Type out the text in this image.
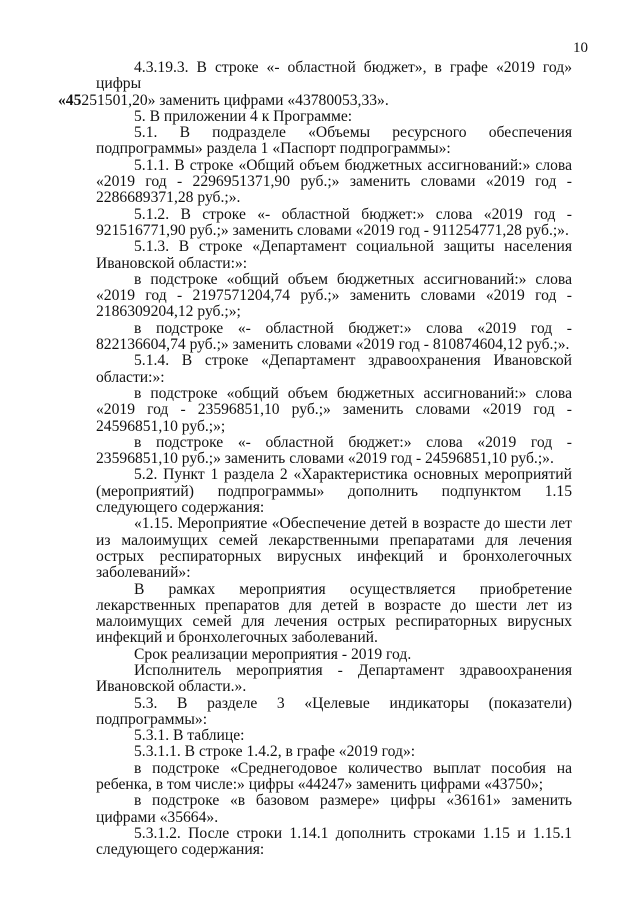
10

4.3.19.3. В строке «- областной бюджет», в графе «2019 год» цифры
«45251501,20» заменить цифрами «43780053,33».

5. В приложении 4 к Программе:

5.1. В подразделе «Объемы ресурсного обеспечения подпрограммы» раздела 1 «Паспорт подпрограммы»:

5.1.1. В строке «Общий объем бюджетных ассигнований:» слова «2019 год - 2296951371,90 руб.;» заменить словами «2019 год - 2286689371,28 руб.;».

5.1.2. В строке «- областной бюджет:» слова «2019 год - 921516771,90 руб.;» заменить словами «2019 год - 911254771,28 руб.;».

5.1.3. В строке «Департамент социальной защиты населения Ивановской области:»:

в подстроке «общий объем бюджетных ассигнований:» слова «2019 год - 2197571204,74 руб.;» заменить словами «2019 год - 2186309204,12 руб.;»;

в подстроке «- областной бюджет:» слова «2019 год - 822136604,74 руб.;» заменить словами «2019 год - 810874604,12 руб.;».

5.1.4. В строке «Департамент здравоохранения Ивановской области:»:

в подстроке «общий объем бюджетных ассигнований:» слова «2019 год - 23596851,10 руб.;» заменить словами «2019 год - 24596851,10 руб.;»;

в подстроке «- областной бюджет:» слова «2019 год - 23596851,10 руб.;» заменить словами «2019 год - 24596851,10 руб.;».

5.2. Пункт 1 раздела 2 «Характеристика основных мероприятий (мероприятий) подпрограммы» дополнить подпунктом 1.15 следующего содержания:

«1.15. Мероприятие «Обеспечение детей в возрасте до шести лет из малоимущих семей лекарственными препаратами для лечения острых респираторных вирусных инфекций и бронхолегочных заболеваний»:

В рамках мероприятия осуществляется приобретение лекарственных препаратов для детей в возрасте до шести лет из малоимущих семей для лечения острых респираторных вирусных инфекций и бронхолегочных заболеваний.

Срок реализации мероприятия - 2019 год.

Исполнитель мероприятия - Департамент здравоохранения Ивановской области.».

5.3. В разделе 3 «Целевые индикаторы (показатели) подпрограммы»:

5.3.1. В таблице:

5.3.1.1. В строке 1.4.2, в графе «2019 год»:

в подстроке «Среднегодовое количество выплат пособия на ребенка, в том числе:» цифры «44247» заменить цифрами «43750»;

в подстроке «в базовом размере» цифры «36161» заменить цифрами «35664».

5.3.1.2. После строки 1.14.1 дополнить строками 1.15 и 1.15.1 следующего содержания:
